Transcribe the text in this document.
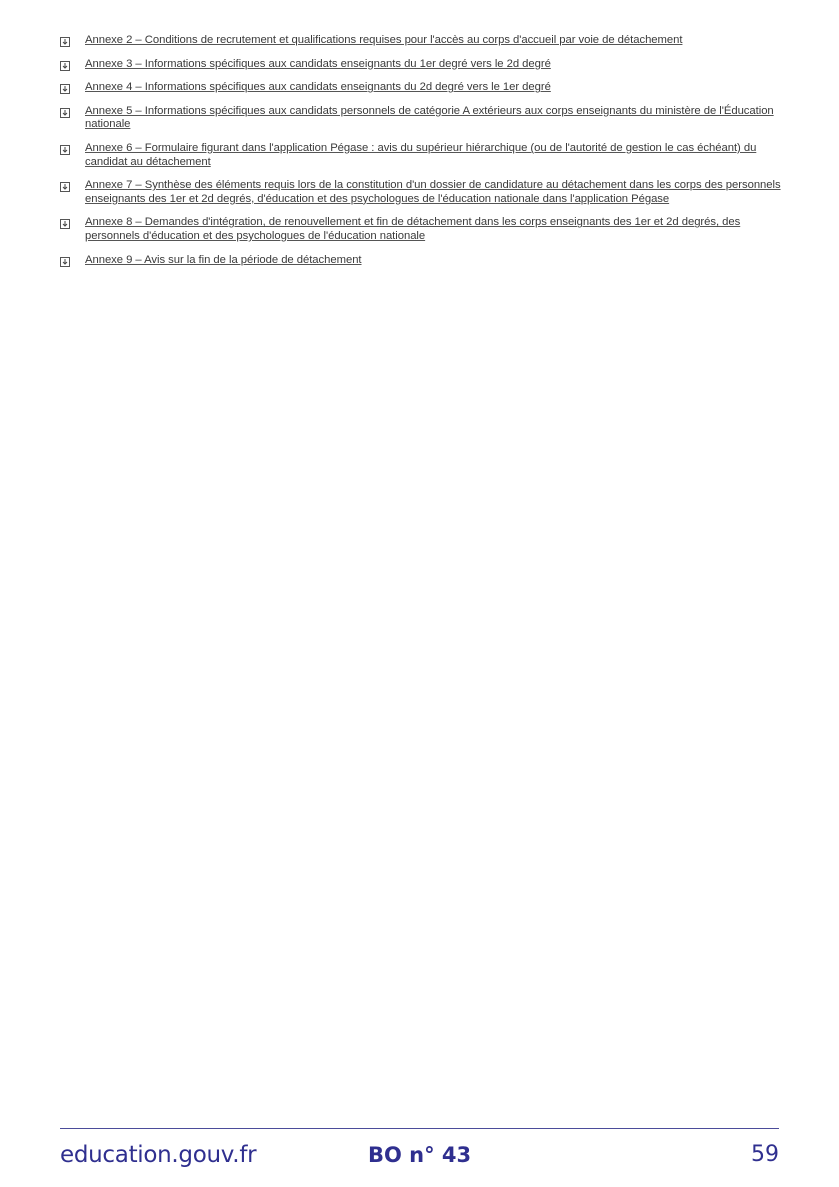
Annexe 2 – Conditions de recrutement et qualifications requises pour l'accès au corps d'accueil par voie de détachement
Annexe 3 – Informations spécifiques aux candidats enseignants du 1er degré vers le 2d degré
Annexe 4 – Informations spécifiques aux candidats enseignants du 2d degré vers le 1er degré
Annexe 5 – Informations spécifiques aux candidats personnels de catégorie A extérieurs aux corps enseignants du ministère de l'Éducation nationale
Annexe 6 – Formulaire figurant dans l'application Pégase : avis du supérieur hiérarchique (ou de l'autorité de gestion le cas échéant) du candidat au détachement
Annexe 7 – Synthèse des éléments requis lors de la constitution d'un dossier de candidature au détachement dans les corps des personnels enseignants des 1er et 2d degrés, d'éducation et des psychologues de l'éducation nationale dans l'application Pégase
Annexe 8 – Demandes d'intégration, de renouvellement et fin de détachement dans les corps enseignants des 1er et 2d degrés, des personnels d'éducation et des psychologues de l'éducation nationale
Annexe 9 – Avis sur la fin de la période de détachement
education.gouv.fr	BO n° 43	59
